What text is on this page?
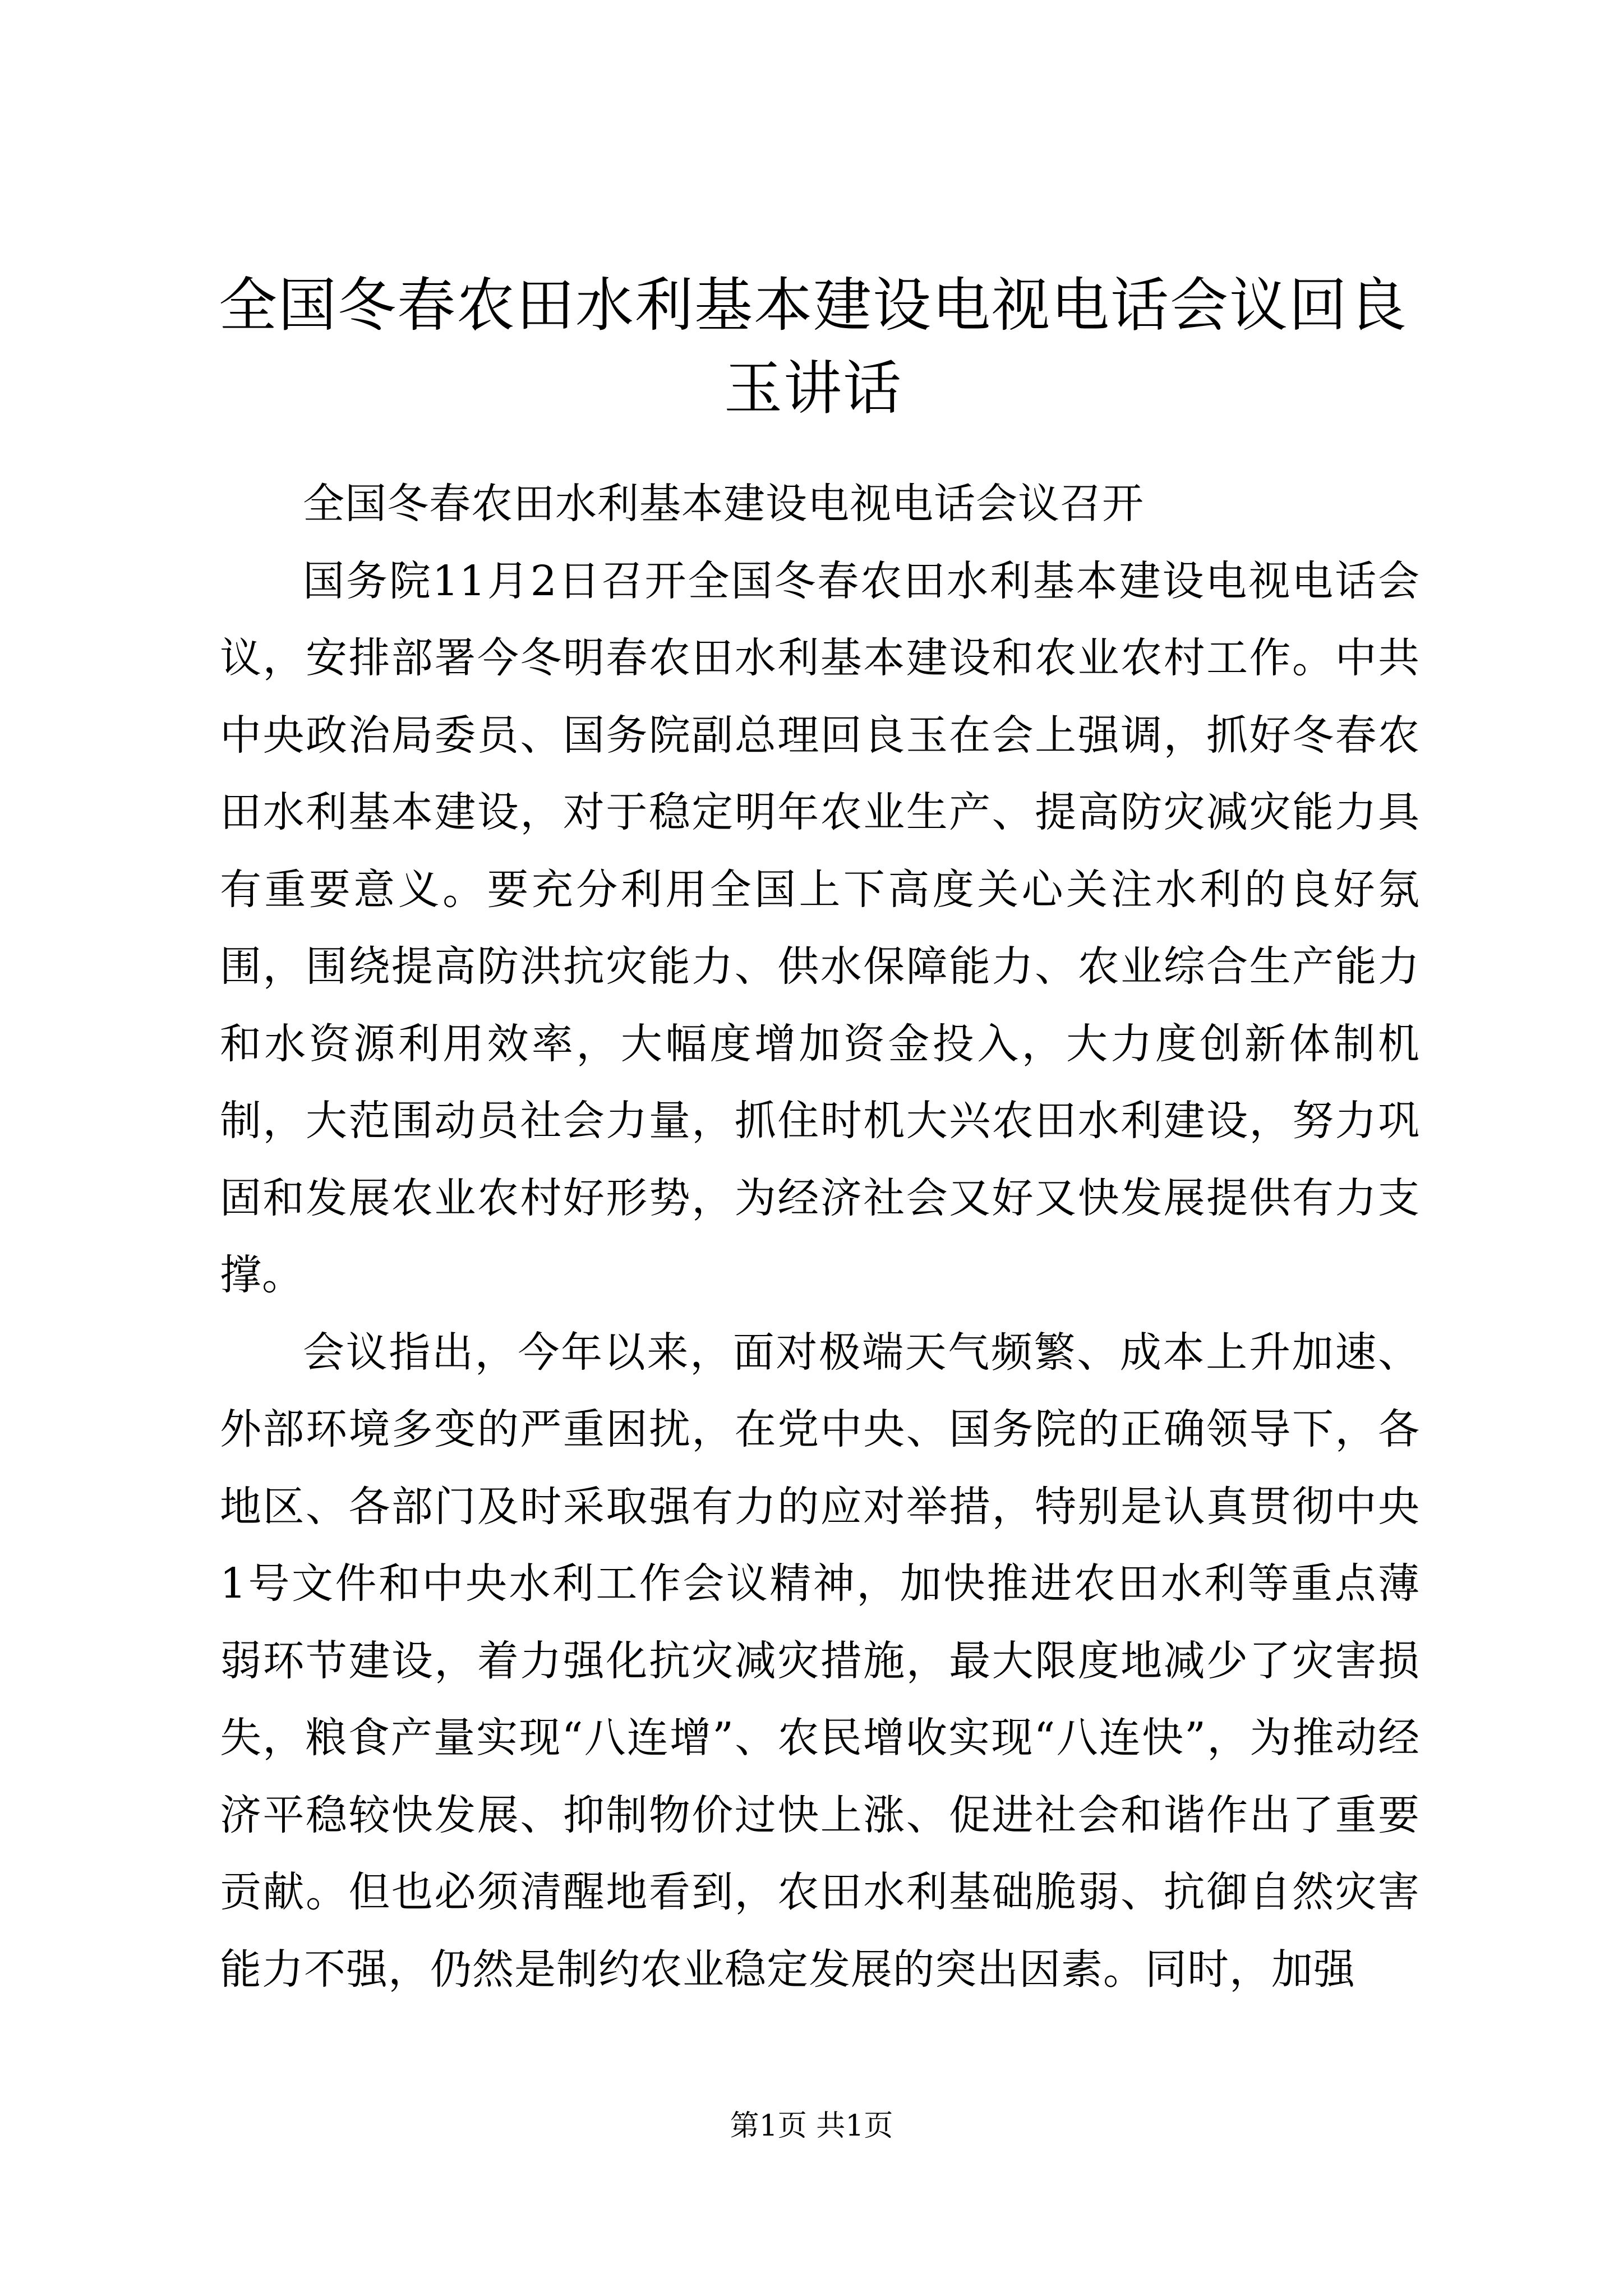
全国冬春农田水利基本建设电视电话会议回良玉讲话

全国冬春农田水利基本建设电视电话会议召开

国务院11月2日召开全国冬春农田水利基本建设电视电话会议，安排部署今冬明春农田水利基本建设和农业农村工作。中共中央政治局委员、国务院副总理回良玉在会上强调，抓好冬春农田水利基本建设，对于稳定明年农业生产、提高防灾减灾能力具有重要意义。要充分利用全国上下高度关心关注水利的良好氛围，围绕提高防洪抗灾能力、供水保障能力、农业综合生产能力和水资源利用效率，大幅度增加资金投入，大力度创新体制机制，大范围动员社会力量，抓住时机大兴农田水利建设，努力巩固和发展农业农村好形势，为经济社会又好又快发展提供有力支撑。

会议指出，今年以来，面对极端天气频繁、成本上升加速、外部环境多变的严重困扰，在党中央、国务院的正确领导下，各地区、各部门及时采取强有力的应对举措，特别是认真贯彻中央1号文件和中央水利工作会议精神，加快推进农田水利等重点薄弱环节建设，着力强化抗灾减灾措施，最大限度地减少了灾害损失，粮食产量实现“八连增”、农民增收实现“八连快”，为推动经济平稳较快发展、抑制物价过快上涨、促进社会和谐作出了重要贡献。但也必须清醒地看到，农田水利基础脆弱、抗御自然灾害能力不强，仍然是制约农业稳定发展的突出因素。同时，加强

第1页 共1页
